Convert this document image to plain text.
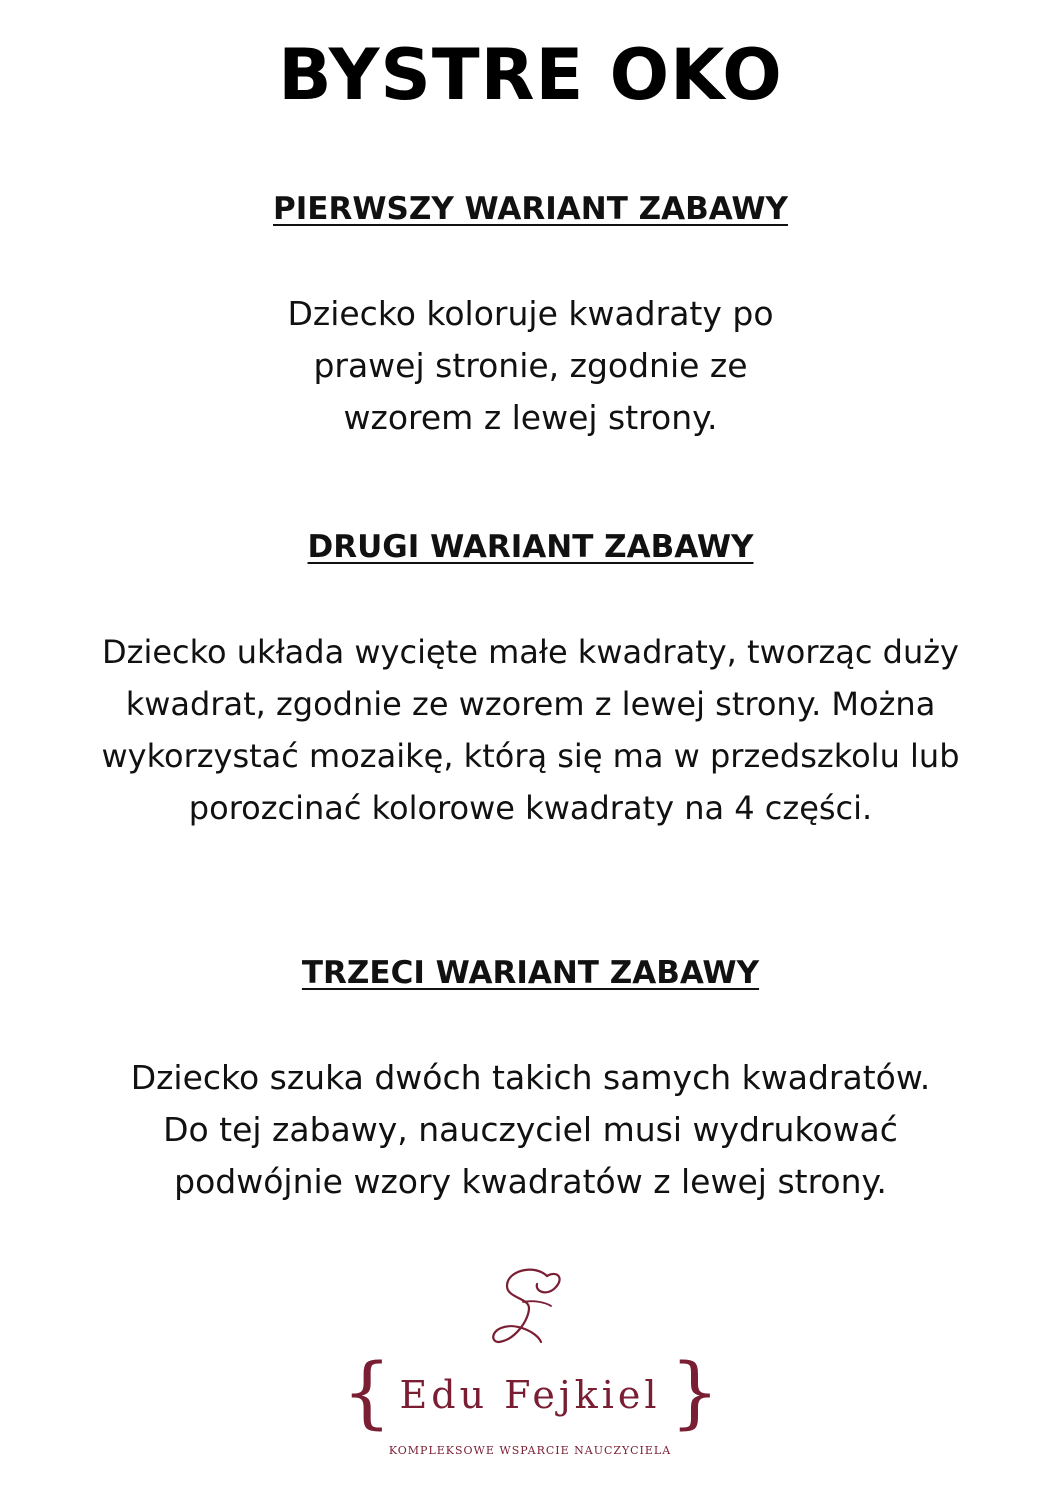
BYSTRE OKO
PIERWSZY WARIANT ZABAWY

Dziecko koloruje kwadraty po
prawej stronie, zgodnie ze
wzorem z lewej strony.

DRUGI WARIANT ZABAWY

Dziecko układa wycięte małe kwadraty, tworząc duży
kwadrat, zgodnie ze wzorem z lewej strony. Można
wykorzystać mozaikę, którą się ma w przedszkolu lub
porozcinać kolorowe kwadraty na 4 części.

TRZECI WARIANT ZABAWY

Dziecko szuka dwóch takich samych kwadratów.
Do tej zabawy, nauczyciel musi wydrukować
podwójnie wzory kwadratów z lewej strony.

{	}
Edu Fejkiel
KOMPLEKSOWE WSPARCIE NAUCZYCIELA
